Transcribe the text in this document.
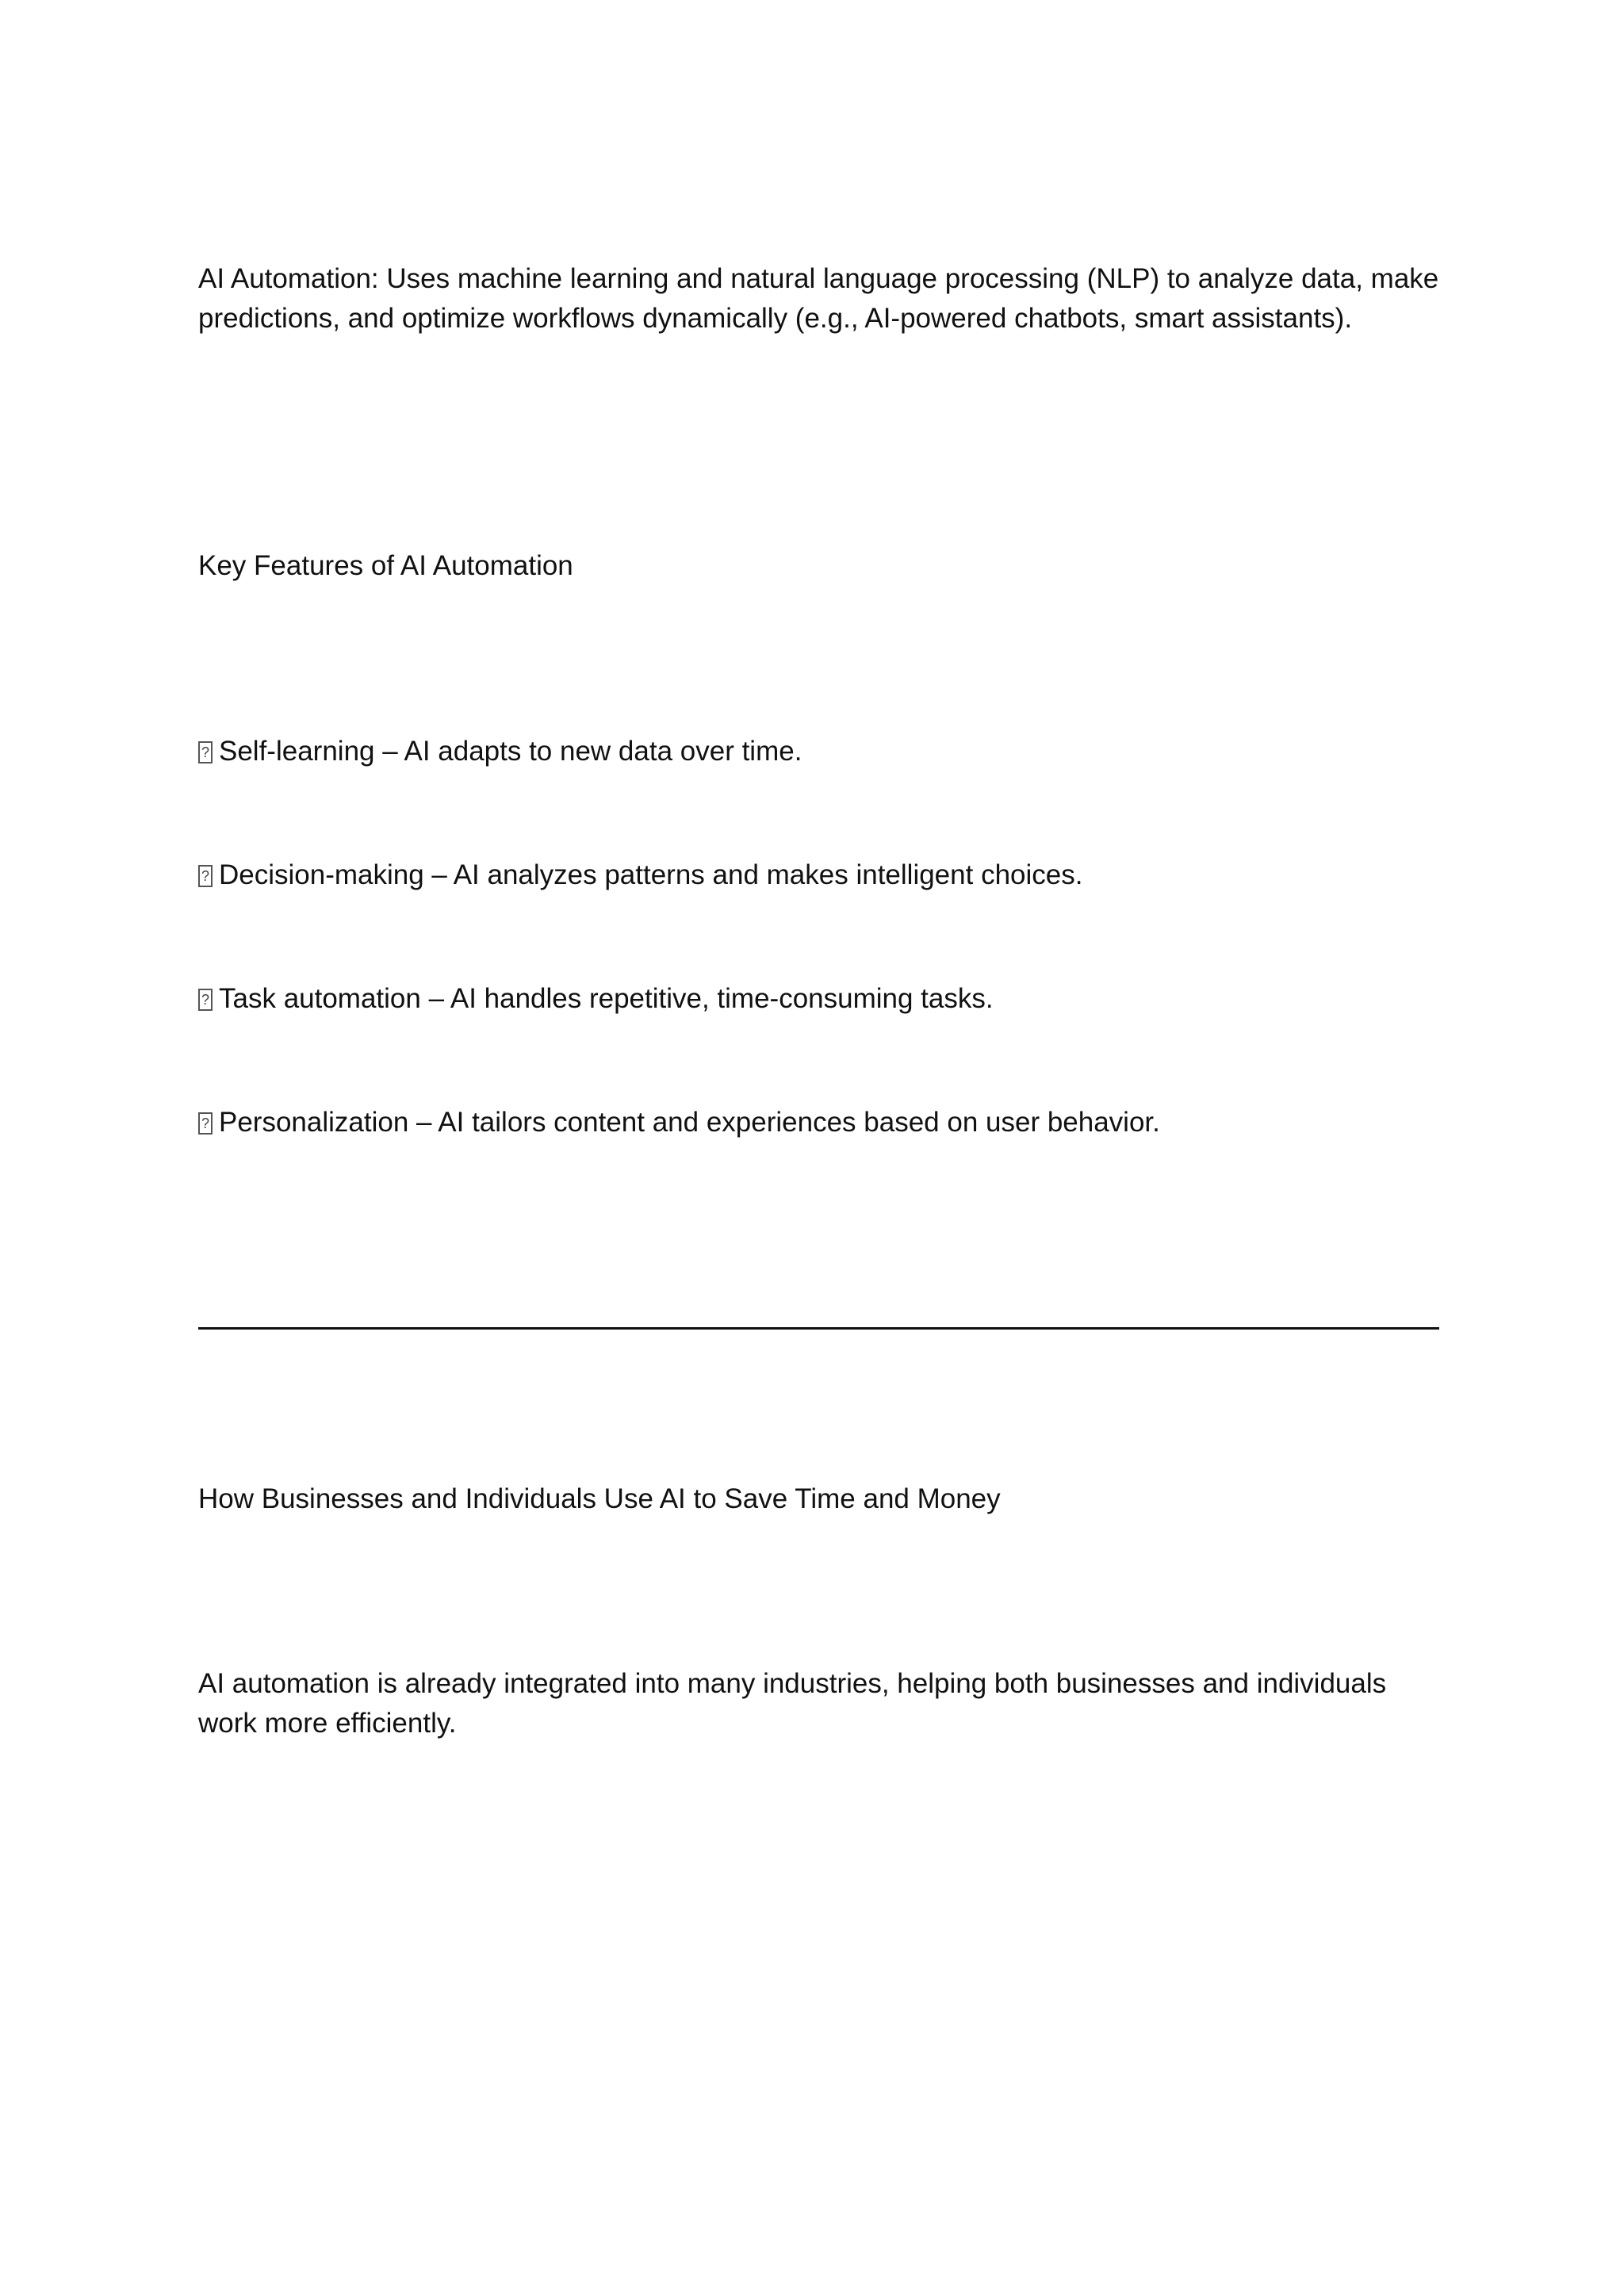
AI Automation: Uses machine learning and natural language processing (NLP) to analyze data, make predictions, and optimize workflows dynamically (e.g., AI-powered chatbots, smart assistants).

Key Features of AI Automation

?Self-learning – AI adapts to new data over time.

?Decision-making – AI analyzes patterns and makes intelligent choices.

?Task automation – AI handles repetitive, time-consuming tasks.

?Personalization – AI tailors content and experiences based on user behavior.

How Businesses and Individuals Use AI to Save Time and Money

AI automation is already integrated into many industries, helping both businesses and individuals work more efficiently.
